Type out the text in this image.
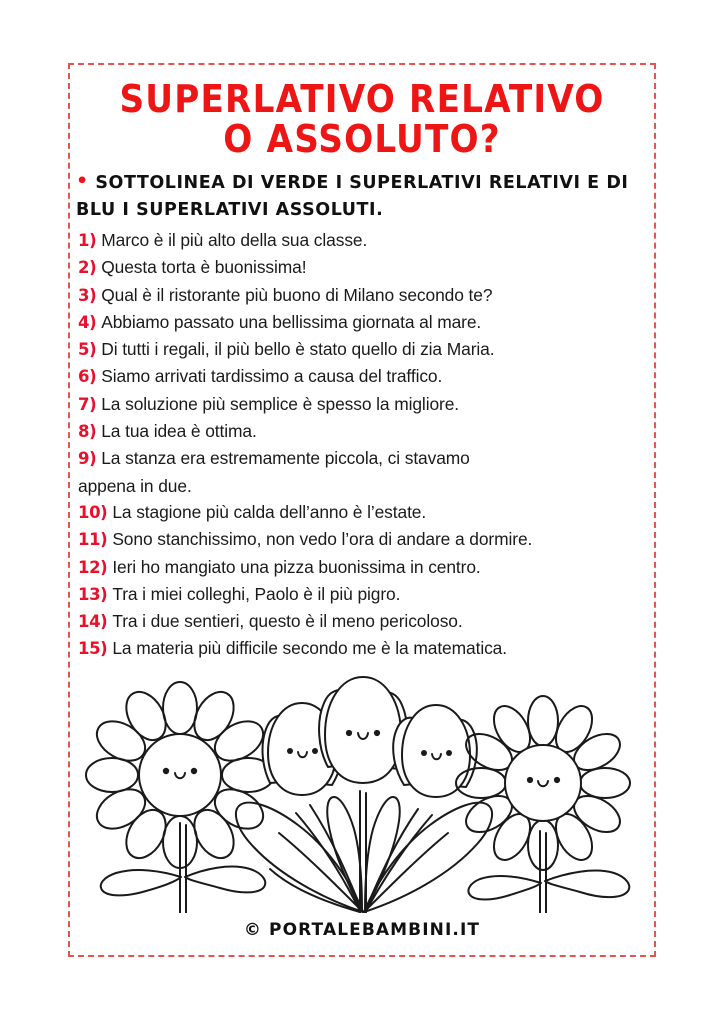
SUPERLATIVO RELATIVO
O ASSOLUTO?
• SOTTOLINEA DI VERDE I SUPERLATIVI RELATIVI E DI BLU I SUPERLATIVI ASSOLUTI.
1) Marco è il più alto della sua classe.
2) Questa torta è buonissima!
3) Qual è il ristorante più buono di Milano secondo te?
4) Abbiamo passato una bellissima giornata al mare.
5) Di tutti i regali, il più bello è stato quello di zia Maria.
6) Siamo arrivati tardissimo a causa del traffico.
7) La soluzione più semplice è spesso la migliore.
8) La tua idea è ottima.
9) La stanza era estremamente piccola, ci stavamo
appena in due.
10) La stagione più calda dell’anno è l’estate.
11) Sono stanchissimo, non vedo l’ora di andare a dormire.
12) Ieri ho mangiato una pizza buonissima in centro.
13) Tra i miei colleghi, Paolo è il più pigro.
14) Tra i due sentieri, questo è il meno pericoloso.
15) La materia più difficile secondo me è la matematica.
© PORTALEBAMBINI.IT
